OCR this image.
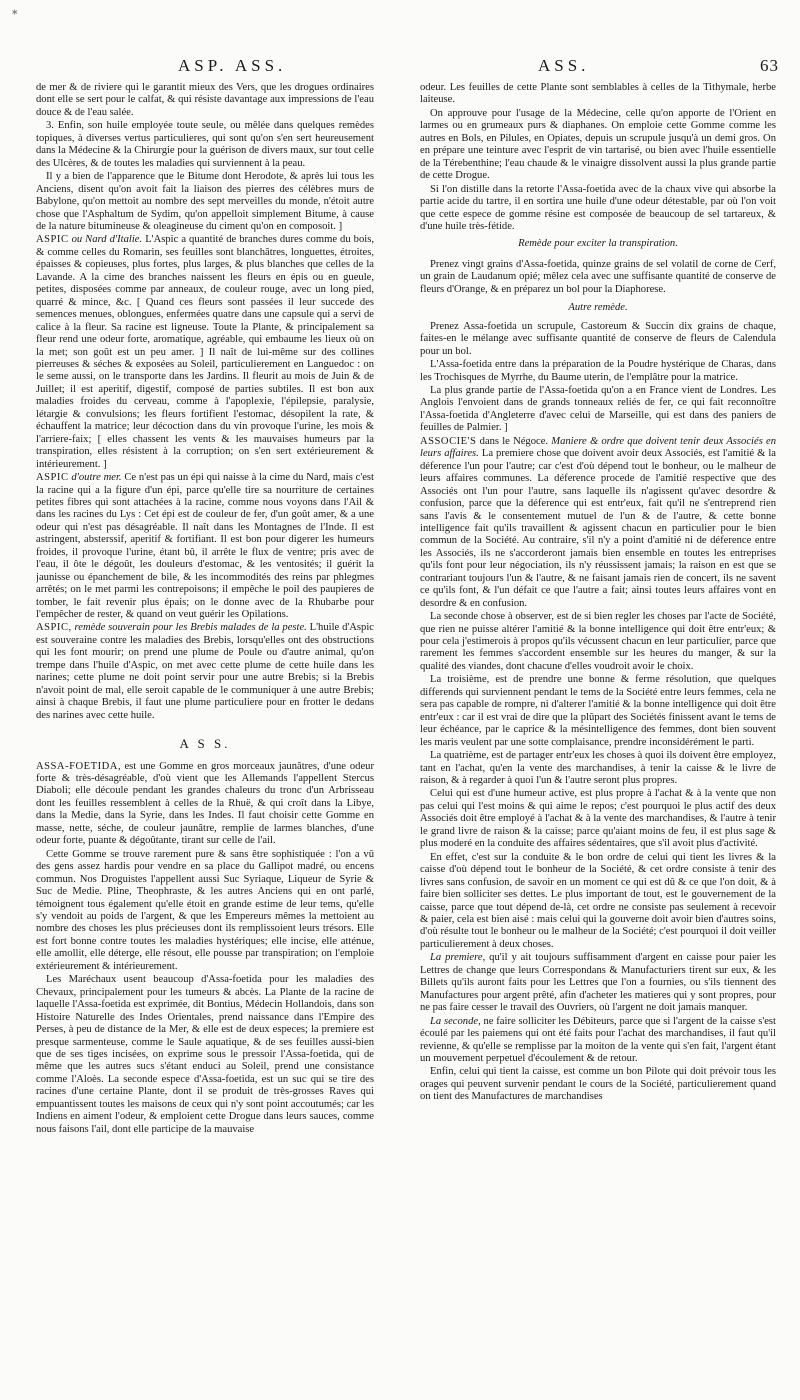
*
ASP. ASS.	ASS.	63

de mer & de riviere qui le garantit mieux des Vers, que les drogues ordinaires dont elle se sert pour le calfat, & qui résiste davantage aux impressions de l'eau douce & de l'eau salée.

3. Enfin, son huile employée toute seule, ou mêlée dans quelques remèdes topiques, à diverses vertus particulieres, qui sont qu'on s'en sert heureusement dans la Médecine & la Chirurgie pour la guérison de divers maux, sur tout celle des Ulcères, & de toutes les maladies qui surviennent à la peau.

Il y a bien de l'apparence que le Bitume dont Herodote, & après lui tous les Anciens, disent qu'on avoit fait la liaison des pierres des célèbres murs de Babylone, qu'on mettoit au nombre des sept merveilles du monde, n'étoit autre chose que l'Asphaltum de Sydim, qu'on appelloit simplement Bitume, à cause de la nature bitumineuse & oleagineuse du ciment qu'on en composoit. ]

ASPIC ou Nard d'Italie. L'Aspic a quantité de branches dures comme du bois, & comme celles du Romarin, ses feuilles sont blanchâtres, longuettes, étroites, épaisses & copieuses, plus fortes, plus larges, & plus blanches que celles de la Lavande. A la cime des branches naissent les fleurs en épis ou en gueule, petites, disposées comme par anneaux, de couleur rouge, avec un long pied, quarré & mince, &c. [ Quand ces fleurs sont passées il leur succede des semences menues, oblongues, enfermées quatre dans une capsule qui a servi de calice à la fleur. Sa racine est ligneuse. Toute la Plante, & principalement sa fleur rend une odeur forte, aromatique, agréable, qui embaume les lieux où on la met; son goût est un peu amer. ] Il naît de lui-même sur des collines pierreuses & séches & exposées au Soleil, particulierement en Languedoc : on le seme aussi, on le transporte dans les Jardins. Il fleurit au mois de Juin & de Juillet; il est aperitif, digestif, composé de parties subtiles. Il est bon aux maladies froides du cerveau, comme à l'apoplexie, l'épilepsie, paralysie, létargie & convulsions; les fleurs fortifient l'estomac, désopilent la rate, & échauffent la matrice; leur décoction dans du vin provoque l'urine, les mois & l'arriere-faix; [ elles chassent les vents & les mauvaises humeurs par la transpiration, elles résistent à la corruption; on s'en sert extérieurement & intérieurement. ]

ASPIC d'outre mer. Ce n'est pas un épi qui naisse à la cime du Nard, mais c'est la racine qui a la figure d'un épi, parce qu'elle tire sa nourriture de certaines petites fibres qui sont attachées à la racine, comme nous voyons dans l'Ail & dans les racines du Lys : Cet épi est de couleur de fer, d'un goût amer, & a une odeur qui n'est pas désagréable. Il naît dans les Montagnes de l'Inde. Il est astringent, absterssif, aperitif & fortifiant. Il est bon pour digerer les humeurs froides, il provoque l'urine, étant bû, il arrête le flux de ventre; pris avec de l'eau, il ôte le dégoût, les douleurs d'estomac, & les ventosités; il guérit la jaunisse ou épanchement de bile, & les incommodités des reins par phlegmes arrêtés; on le met parmi les contrepoisons; il empêche le poil des paupieres de tomber, le fait revenir plus épais; on le donne avec de la Rhubarbe pour l'empêcher de rester, & quand on veut guérir les Opilations.

ASPIC, remède souverain pour les Brebis malades de la peste. L'huile d'Aspic est souveraine contre les maladies des Brebis, lorsqu'elles ont des obstructions qui les font mourir; on prend une plume de Poule ou d'autre animal, qu'on trempe dans l'huile d'Aspic, on met avec cette plume de cette huile dans les narines; cette plume ne doit point servir pour une autre Brebis; si la Brebis n'avoit point de mal, elle seroit capable de le communiquer à une autre Brebis; ainsi à chaque Brebis, il faut une plume particuliere pour en frotter le dedans des narines avec cette huile.

A S S.

ASSA-FOETIDA, est une Gomme en gros morceaux jaunâtres, d'une odeur forte & très-désagréable, d'où vient que les Allemands l'appellent Stercus Diaboli; elle découle pendant les grandes chaleurs du tronc d'un Arbrisseau dont les feuilles ressemblent à celles de la Rhuë, & qui croît dans la Libye, dans la Medie, dans la Syrie, dans les Indes. Il faut choisir cette Gomme en masse, nette, séche, de couleur jaunâtre, remplie de larmes blanches, d'une odeur forte, puante & dégoûtante, tirant sur celle de l'ail.

Cette Gomme se trouve rarement pure & sans être sophistiquée : l'on a vû des gens assez hardis pour vendre en sa place du Gallipot madré, ou encens commun. Nos Droguistes l'appellent aussi Suc Syriaque, Liqueur de Syrie & Suc de Medie. Pline, Theophraste, & les autres Anciens qui en ont parlé, témoignent tous également qu'elle étoit en grande estime de leur tems, qu'elle s'y vendoit au poids de l'argent, & que les Empereurs mêmes la mettoient au nombre des choses les plus précieuses dont ils remplissoient leurs trésors. Elle est fort bonne contre toutes les maladies hystériques; elle incise, elle atténue, elle amollit, elle déterge, elle résout, elle pousse par transpiration; on l'emploie extérieurement & intérieurement.

Les Maréchaux usent beaucoup d'Assa-foetida pour les maladies des Chevaux, principalement pour les tumeurs & abcès. La Plante de la racine de laquelle l'Assa-foetida est exprimée, dit Bontius, Médecin Hollandois, dans son Histoire Naturelle des Indes Orientales, prend naissance dans l'Empire des Perses, à peu de distance de la Mer, & elle est de deux especes; la premiere est presque sarmenteuse, comme le Saule aquatique, & de ses feuilles aussi-bien que de ses tiges incisées, on exprime sous le pressoir l'Assa-foetida, qui de même que les autres sucs s'étant enduci au Soleil, prend une consistance comme l'Aloès. La seconde espece d'Assa-foetida, est un suc qui se tire des racines d'une certaine Plante, dont il se produit de très-grosses Raves qui empuantissent toutes les maisons de ceux qui n'y sont point accoutumés; car les Indiens en aiment l'odeur, & emploient cette Drogue dans leurs sauces, comme nous faisons l'ail, dont elle participe de la mauvaise

odeur. Les feuilles de cette Plante sont semblables à celles de la Tithymale, herbe laiteuse.

On approuve pour l'usage de la Médecine, celle qu'on apporte de l'Orient en larmes ou en grumeaux purs & diaphanes. On emploie cette Gomme comme les autres en Bols, en Pilules, en Opiates, depuis un scrupule jusqu'à un demi gros. On en prépare une teinture avec l'esprit de vin tartarisé, ou bien avec l'huile essentielle de la Térebenthine; l'eau chaude & le vinaigre dissolvent aussi la plus grande partie de cette Drogue.

Si l'on distille dans la retorte l'Assa-foetida avec de la chaux vive qui absorbe la partie acide du tartre, il en sortira une huile d'une odeur détestable, par où l'on voit que cette espece de gomme résine est composée de beaucoup de sel tartareux, & d'une huile très-fétide.

Remède pour exciter la transpiration.

Prenez vingt grains d'Assa-foetida, quinze grains de sel volatil de corne de Cerf, un grain de Laudanum opié; mêlez cela avec une suffisante quantité de conserve de fleurs d'Orange, & en préparez un bol pour la Diaphorese.

Autre remède.

Prenez Assa-foetida un scrupule, Castoreum & Succin dix grains de chaque, faites-en le mélange avec suffisante quantité de conserve de fleurs de Calendula pour un bol.

L'Assa-foetida entre dans la préparation de la Poudre hystérique de Charas, dans les Trochisques de Myrrhe, du Baume uterin, de l'emplâtre pour la matrice.

La plus grande partie de l'Assa-foetida qu'on a en France vient de Londres. Les Anglois l'envoient dans de grands tonneaux reliés de fer, ce qui fait reconnoître l'Assa-foetida d'Angleterre d'avec celui de Marseille, qui est dans des paniers de feuilles de Palmier. ]

ASSOCIE'S dans le Négoce. Maniere & ordre que doivent tenir deux Associés en leurs affaires. La premiere chose que doivent avoir deux Associés, est l'amitié & la déference l'un pour l'autre; car c'est d'où dépend tout le bonheur, ou le malheur de leurs affaires communes. La déference procede de l'amitié respective que des Associés ont l'un pour l'autre, sans laquelle ils n'agissent qu'avec desordre & confusion, parce que la déference qui est entr'eux, fait qu'il ne s'entreprend rien sans l'avis & le consentement mutuel de l'un & de l'autre, & cette bonne intelligence fait qu'ils travaillent & agissent chacun en particulier pour le bien commun de la Société. Au contraire, s'il n'y a point d'amitié ni de déference entre les Associés, ils ne s'accorderont jamais bien ensemble en toutes les entreprises qu'ils font pour leur négociation, ils n'y réussissent jamais; la raison en est que se contrariant toujours l'un & l'autre, & ne faisant jamais rien de concert, ils ne savent ce qu'ils font, & l'un défait ce que l'autre a fait; ainsi toutes leurs affaires vont en desordre & en confusion.

La seconde chose à observer, est de si bien regler les choses par l'acte de Société, que rien ne puisse altérer l'amitié & la bonne intelligence qui doit être entr'eux; & pour cela j'estimerois à propos qu'ils vécussent chacun en leur particulier, parce que rarement les femmes s'accordent ensemble sur les heures du manger, & sur la qualité des viandes, dont chacune d'elles voudroit avoir le choix.

La troisième, est de prendre une bonne & ferme résolution, que quelques differends qui surviennent pendant le tems de la Société entre leurs femmes, cela ne sera pas capable de rompre, ni d'alterer l'amitié & la bonne intelligence qui doit être entr'eux : car il est vrai de dire que la plûpart des Sociétés finissent avant le tems de leur échéance, par le caprice & la mésintelligence des femmes, dont bien souvent les maris veulent par une sotte complaisance, prendre inconsidérément le parti.

La quatrième, est de partager entr'eux les choses à quoi ils doivent être employez, tant en l'achat, qu'en la vente des marchandises, à tenir la caisse & le livre de raison, & à regarder à quoi l'un & l'autre seront plus propres.

Celui qui est d'une humeur active, est plus propre à l'achat & à la vente que non pas celui qui l'est moins & qui aime le repos; c'est pourquoi le plus actif des deux Associés doit être employé à l'achat & à la vente des marchandises, & l'autre à tenir le grand livre de raison & la caisse; parce qu'aiant moins de feu, il est plus sage & plus moderé en la conduite des affaires sédentaires, que s'il avoit plus d'activité.

En effet, c'est sur la conduite & le bon ordre de celui qui tient les livres & la caisse d'où dépend tout le bonheur de la Société, & cet ordre consiste à tenir des livres sans confusion, de savoir en un moment ce qui est dû & ce que l'on doit, & à faire bien solliciter ses dettes. Le plus important de tout, est le gouvernement de la caisse, parce que tout dépend de-là, cet ordre ne consiste pas seulement à recevoir & paier, cela est bien aisé : mais celui qui la gouverne doit avoir bien d'autres soins, d'où résulte tout le bonheur ou le malheur de la Société; c'est pourquoi il doit veiller particulierement à deux choses.

La premiere, qu'il y ait toujours suffisamment d'argent en caisse pour paier les Lettres de change que leurs Correspondans & Manufacturiers tirent sur eux, & les Billets qu'ils auront faits pour les Lettres que l'on a fournies, ou s'ils tiennent des Manufactures pour argent prêté, afin d'acheter les matieres qui y sont propres, pour ne pas faire cesser le travail des Ouvriers, où l'argent ne doit jamais manquer.

La seconde, ne faire solliciter les Débiteurs, parce que si l'argent de la caisse s'est écoulé par les paiemens qui ont été faits pour l'achat des marchandises, il faut qu'il revienne, & qu'elle se remplisse par la moiton de la vente qui s'en fait, l'argent étant un mouvement perpetuel d'écoulement & de retour.

Enfin, celui qui tient la caisse, est comme un bon Pilote qui doit prévoir tous les orages qui peuvent survenir pendant le cours de la Société, particulierement quand on tient des Manufactures de marchandises
